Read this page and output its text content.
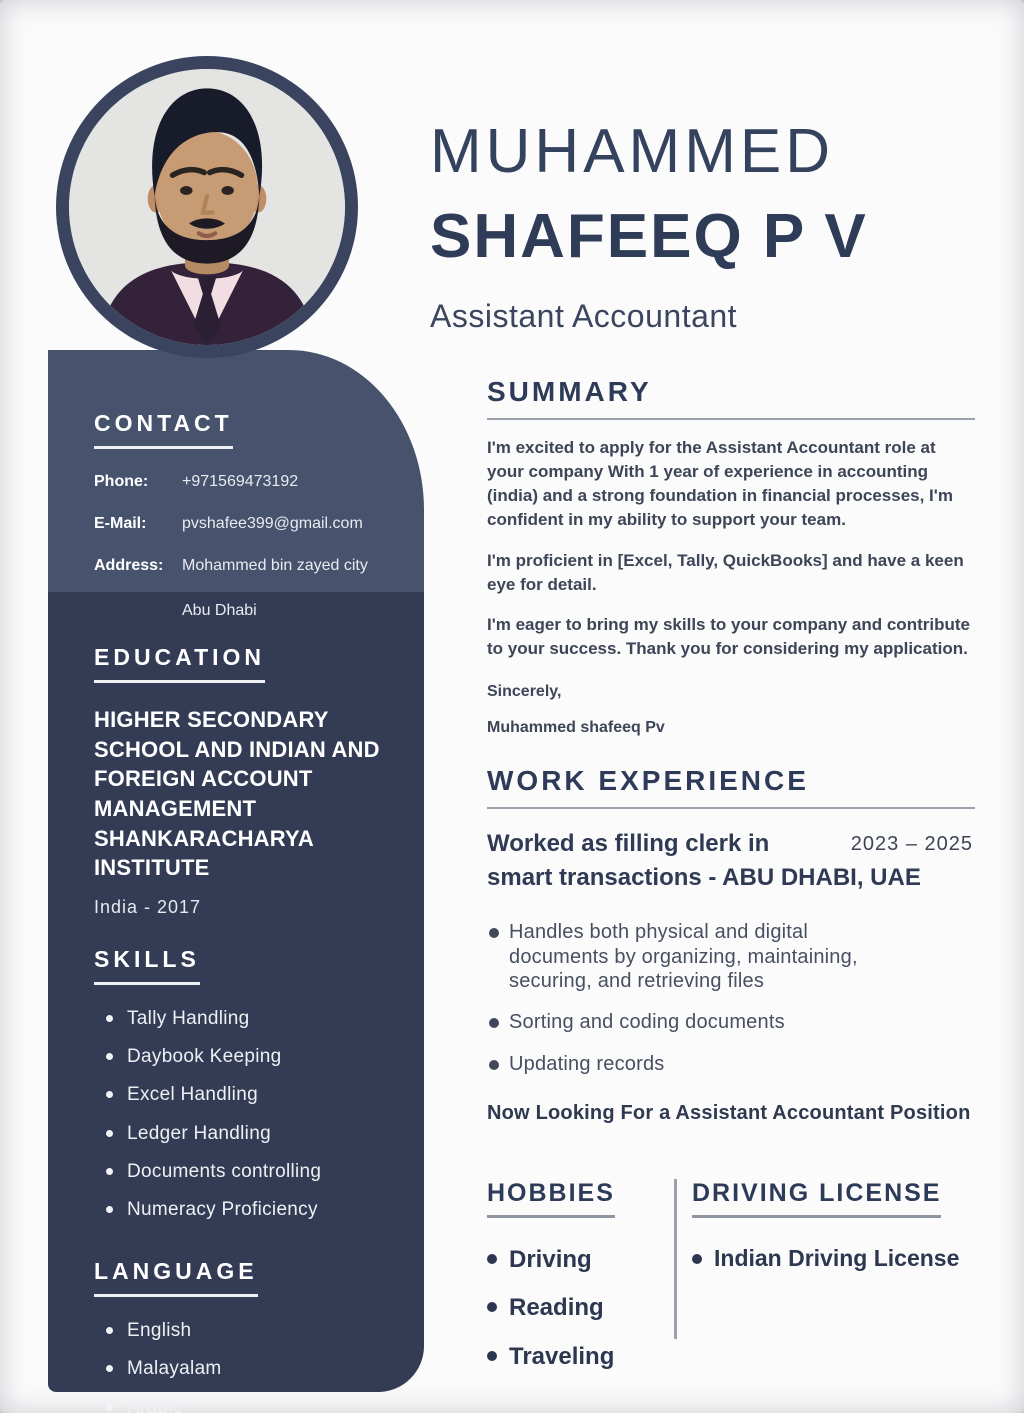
CONTACT
Phone:	+971569473192
E-Mail:	pvshafee399@gmail.com
Address:	Mohammed bin zayed city
Abu Dhabi
EDUCATION
HIGHER SECONDARY SCHOOL AND INDIAN AND FOREIGN ACCOUNT MANAGEMENT SHANKARACHARYA INSTITUTE
India - 2017
SKILLS
Tally Handling
Daybook Keeping
Excel Handling
Ledger Handling
Documents controlling
Numeracy Proficiency
LANGUAGE
English
Malayalam
Arabic
MUHAMMED
SHAFEEQ P V
Assistant Accountant
SUMMARY

I'm excited to apply for the Assistant Accountant role at your company With 1 year of experience in accounting (india) and a strong foundation in financial processes, I'm confident in my ability to support your team.

I'm proficient in [Excel, Tally, QuickBooks] and have a keen eye for detail.

I'm eager to bring my skills to your company and contribute to your success. Thank you for considering my application.

Sincerely,
Muhammed shafeeq Pv
WORK EXPERIENCE
Worked as filling clerk in
smart transactions - ABU DHABI, UAE
2023 – 2025
Handles both physical and digital documents by organizing, maintaining, securing, and retrieving files
Sorting and coding documents
Updating records
Now Looking For a Assistant Accountant Position
HOBBIES
Driving
Reading
Traveling
DRIVING LICENSE
Indian Driving License
